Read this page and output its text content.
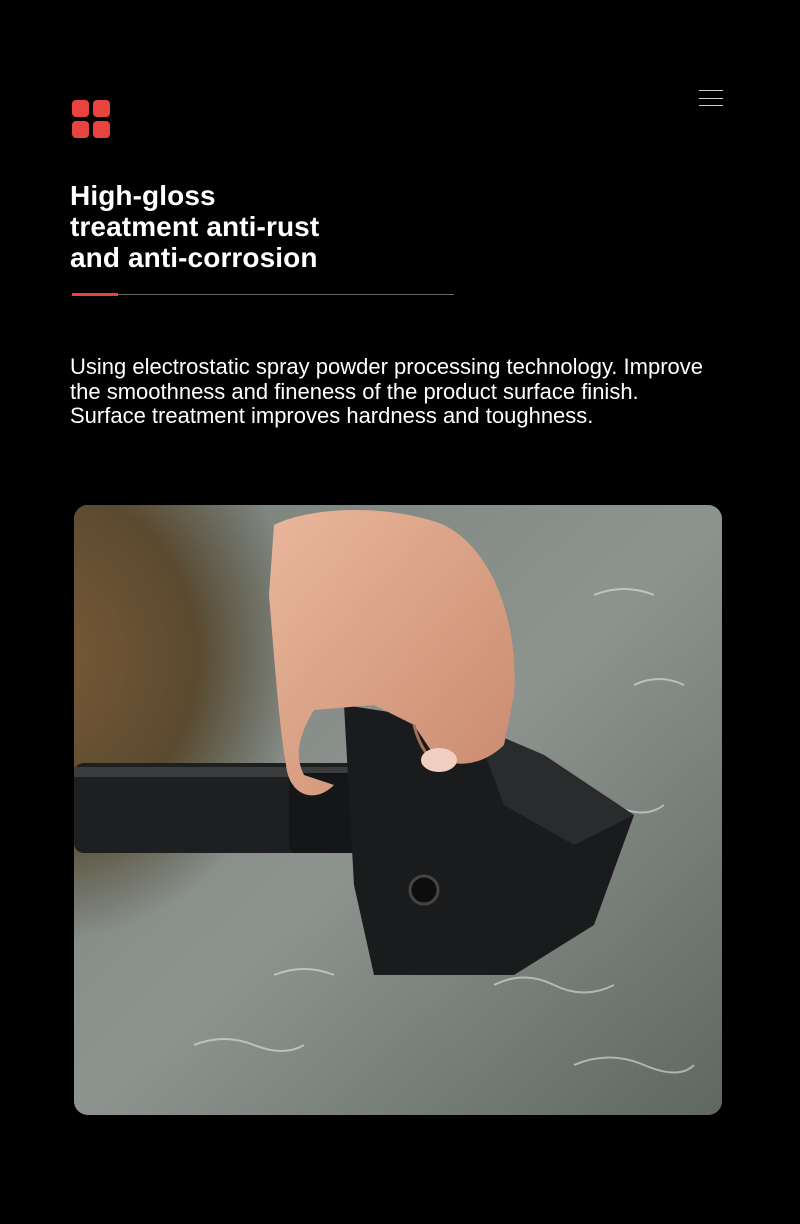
High-gloss
treatment anti-rust
and anti-corrosion

Using electrostatic spray powder processing technology. Improve the smoothness and fineness of the product surface finish. Surface treatment improves hardness and toughness.
